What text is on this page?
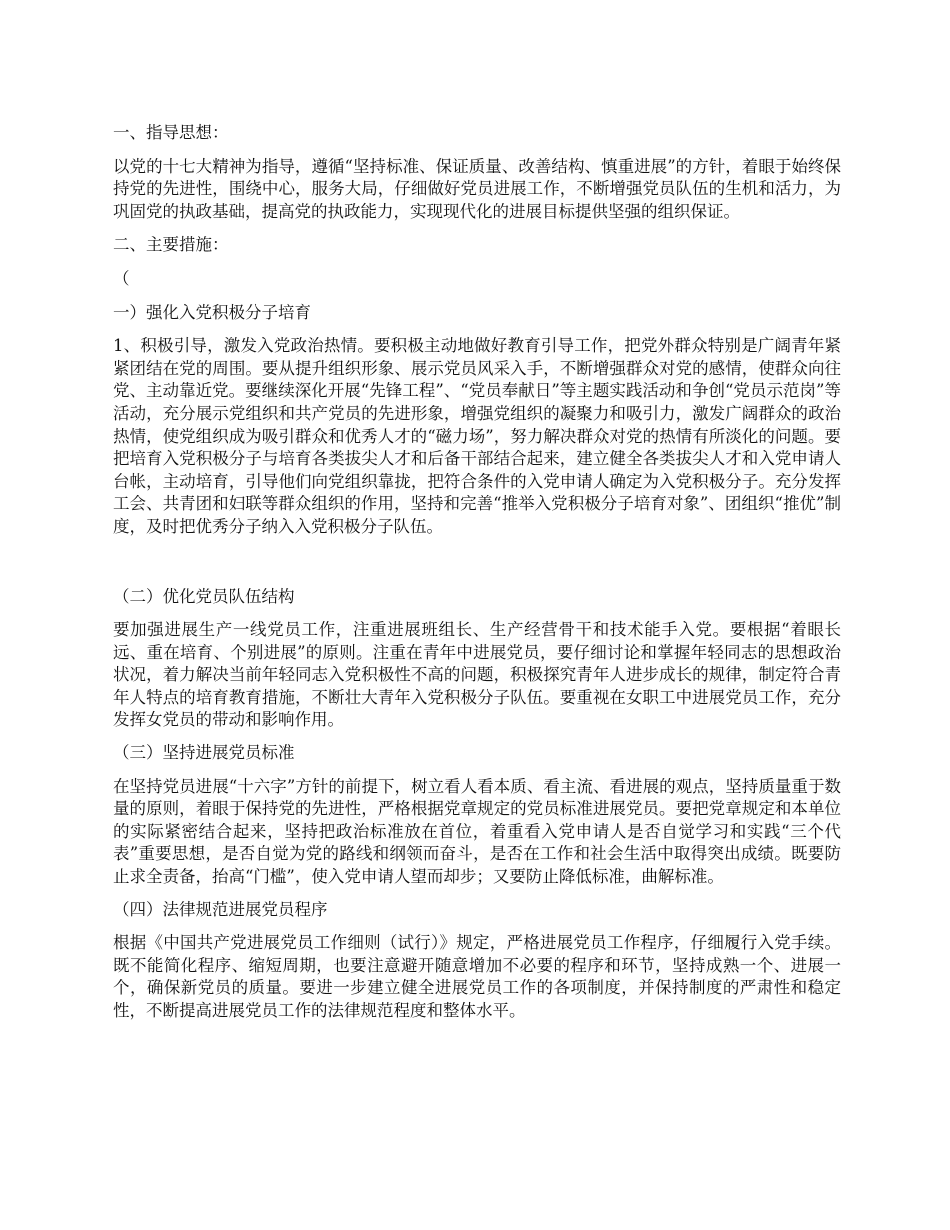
一、指导思想：

以党的十七大精神为指导，遵循“坚持标准、保证质量、改善结构、慎重进展”的方针，着眼于始终保持党的先进性，围绕中心，服务大局，仔细做好党员进展工作，不断增强党员队伍的生机和活力，为巩固党的执政基础，提高党的执政能力，实现现代化的进展目标提供坚强的组织保证。

二、主要措施：

（

一）强化入党积极分子培育

1、积极引导，激发入党政治热情。要积极主动地做好教育引导工作，把党外群众特别是广阔青年紧紧团结在党的周围。要从提升组织形象、展示党员风采入手，不断增强群众对党的感情，使群众向往党、主动靠近党。要继续深化开展“先锋工程”、“党员奉献日”等主题实践活动和争创“党员示范岗”等活动，充分展示党组织和共产党员的先进形象，增强党组织的凝聚力和吸引力，激发广阔群众的政治热情，使党组织成为吸引群众和优秀人才的“磁力场”，努力解决群众对党的热情有所淡化的问题。要把培育入党积极分子与培育各类拔尖人才和后备干部结合起来，建立健全各类拔尖人才和入党申请人台帐，主动培育，引导他们向党组织靠拢，把符合条件的入党申请人确定为入党积极分子。充分发挥工会、共青团和妇联等群众组织的作用，坚持和完善“推举入党积极分子培育对象”、团组织“推优”制度，及时把优秀分子纳入入党积极分子队伍。

（二）优化党员队伍结构

要加强进展生产一线党员工作，注重进展班组长、生产经营骨干和技术能手入党。要根据“着眼长远、重在培育、个别进展”的原则。注重在青年中进展党员，要仔细讨论和掌握年轻同志的思想政治状况，着力解决当前年轻同志入党积极性不高的问题，积极探究青年人进步成长的规律，制定符合青年人特点的培育教育措施，不断壮大青年入党积极分子队伍。要重视在女职工中进展党员工作，充分发挥女党员的带动和影响作用。

（三）坚持进展党员标准

在坚持党员进展“十六字”方针的前提下，树立看人看本质、看主流、看进展的观点，坚持质量重于数量的原则，着眼于保持党的先进性，严格根据党章规定的党员标准进展党员。要把党章规定和本单位的实际紧密结合起来，坚持把政治标准放在首位，着重看入党申请人是否自觉学习和实践“三个代表”重要思想，是否自觉为党的路线和纲领而奋斗，是否在工作和社会生活中取得突出成绩。既要防止求全责备，抬高“门槛”，使入党申请人望而却步；又要防止降低标准，曲解标准。

（四）法律规范进展党员程序

根据《中国共产党进展党员工作细则（试行）》规定，严格进展党员工作程序，仔细履行入党手续。既不能简化程序、缩短周期，也要注意避开随意增加不必要的程序和环节，坚持成熟一个、进展一个，确保新党员的质量。要进一步建立健全进展党员工作的各项制度，并保持制度的严肃性和稳定性，不断提高进展党员工作的法律规范程度和整体水平。
